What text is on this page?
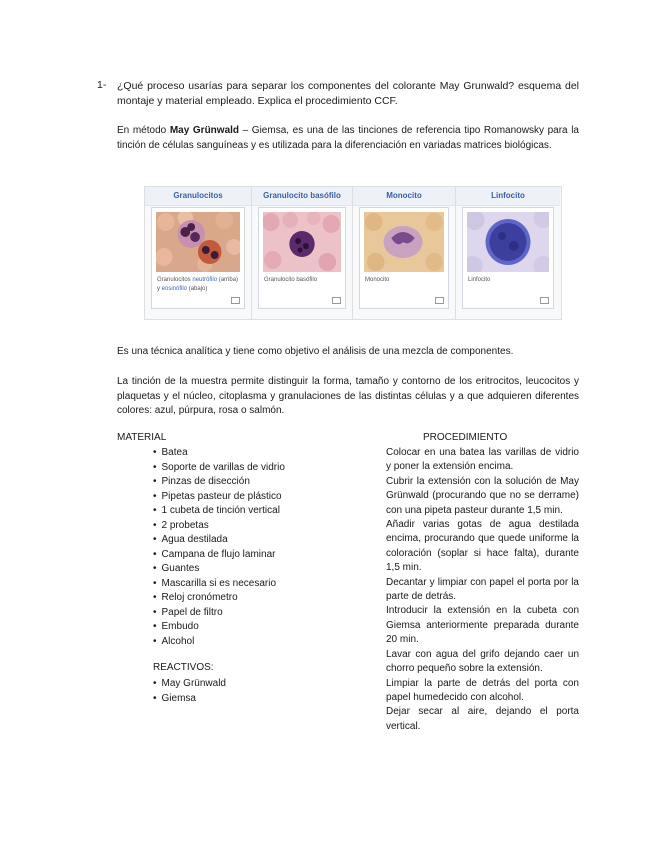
1- ¿Qué proceso usarías para separar los componentes del colorante May Grunwald? esquema del montaje y material empleado. Explica el procedimiento CCF.
En método May Grünwald – Giemsa, es una de las tinciones de referencia tipo Romanowsky para la tinción de células sanguíneas y es utilizada para la diferenciación en variadas matrices biológicas.
Granulocitos
Granulocitos neutrófilo (arriba) y eosinófilo (abajo)
Granulocito basófilo
Granulocito basófilo
Monocito
Monocito
Linfocito
Linfocito
Es una técnica analítica y tiene como objetivo el análisis de una mezcla de componentes.
La tinción de la muestra permite distinguir la forma, tamaño y contorno de los eritrocitos, leucocitos y plaquetas y el núcleo, citoplasma y granulaciones de las distintas células y a que adquieren diferentes colores: azul, púrpura, rosa o salmón.
MATERIAL	PROCEDIMIENTO
• Batea
• Soporte de varillas de vidrio
• Pinzas de disección
• Pipetas pasteur de plástico
• 1 cubeta de tinción vertical
• 2 probetas
• Agua destilada
• Campana de flujo laminar
• Guantes
• Mascarilla si es necesario
• Reloj cronómetro
• Papel de filtro
• Embudo
• Alcohol
REACTIVOS:
• May Grünwald
• Giemsa

Colocar en una batea las varillas de vidrio y poner la extensión encima.

Cubrir la extensión con la solución de May Grünwald (procurando que no se derrame) con una pipeta pasteur durante 1,5 min.

Añadir varias gotas de agua destilada encima, procurando que quede uniforme la coloración (soplar si hace falta), durante 1,5 min.

Decantar y limpiar con papel el porta por la parte de detrás.

Introducir la extensión en la cubeta con Giemsa anteriormente preparada durante 20 min.

Lavar con agua del grifo dejando caer un chorro pequeño sobre la extensión.

Limpiar la parte de detrás del porta con papel humedecido con alcohol.

Dejar secar al aire, dejando el porta vertical.
